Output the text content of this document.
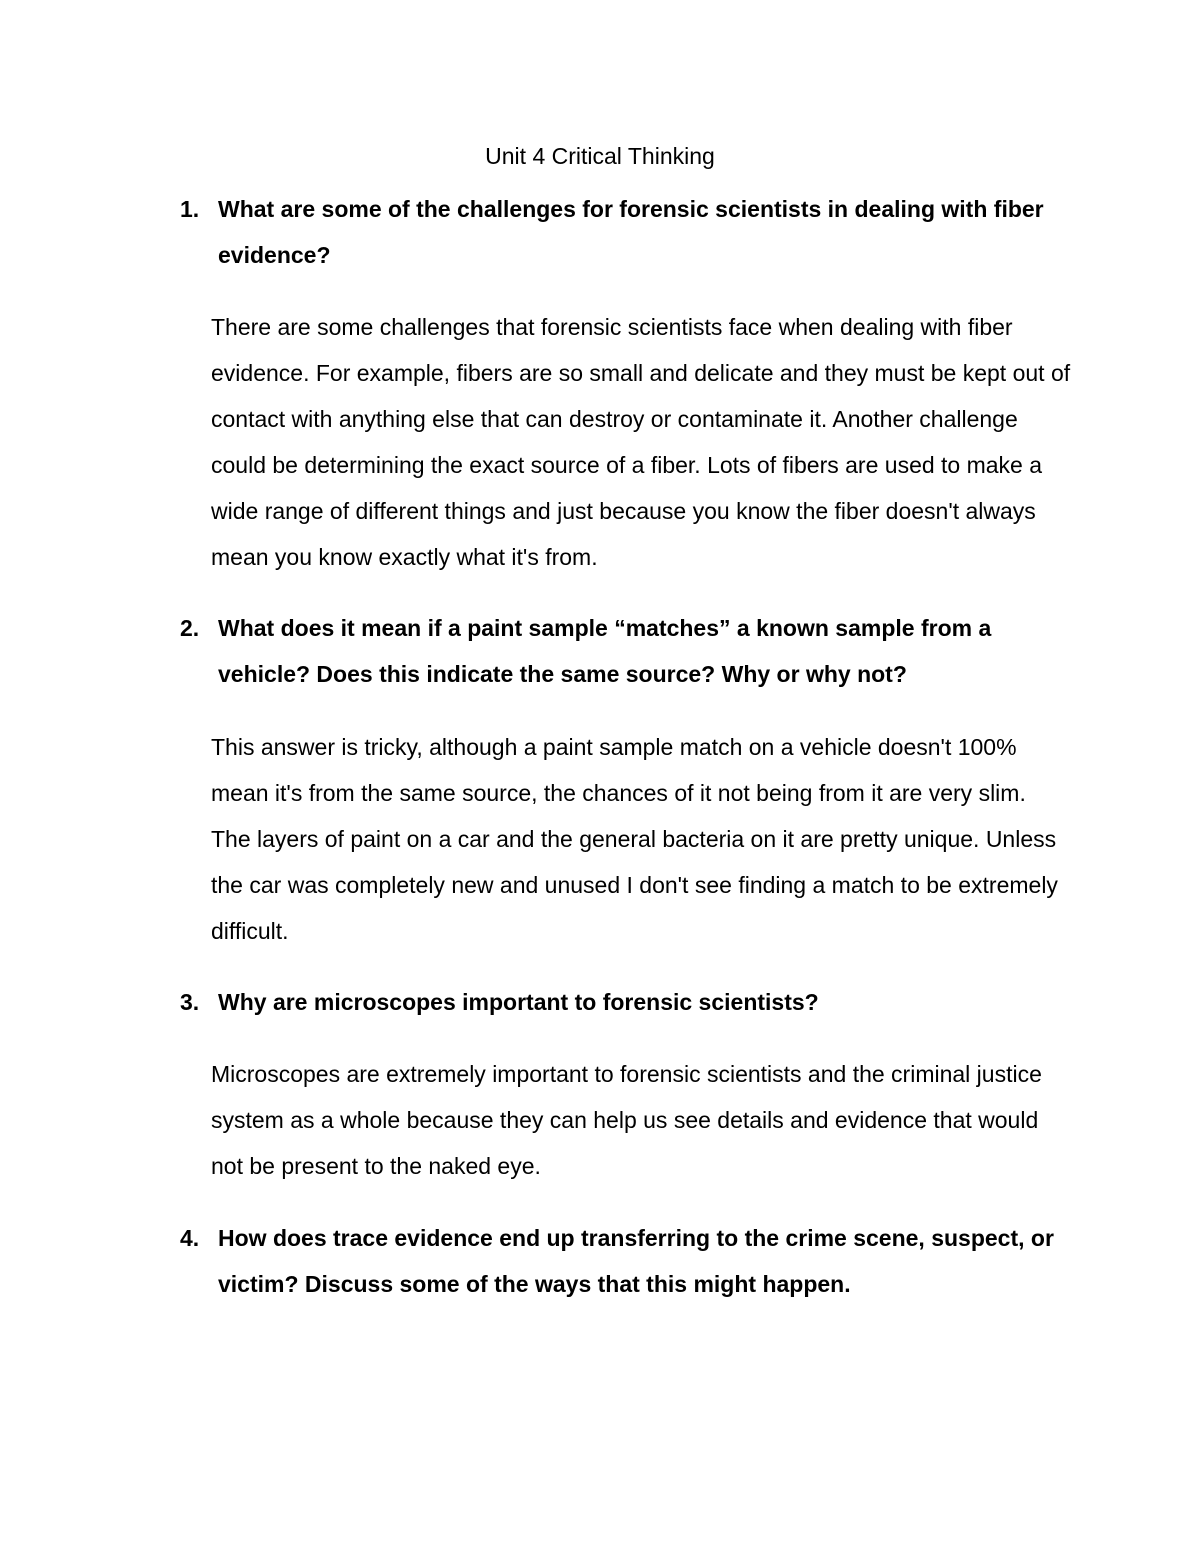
Unit 4 Critical Thinking
1. What are some of the challenges for forensic scientists in dealing with fiber evidence?

There are some challenges that forensic scientists face when dealing with fiber evidence. For example, fibers are so small and delicate and they must be kept out of contact with anything else that can destroy or contaminate it. Another challenge could be determining the exact source of a fiber. Lots of fibers are used to make a wide range of different things and just because you know the fiber doesn't always mean you know exactly what it's from.

2. What does it mean if a paint sample “matches” a known sample from a vehicle? Does this indicate the same source? Why or why not?

This answer is tricky, although a paint sample match on a vehicle doesn't 100% mean it's from the same source, the chances of it not being from it are very slim. The layers of paint on a car and the general bacteria on it are pretty unique. Unless the car was completely new and unused I don't see finding a match to be extremely difficult.

3. Why are microscopes important to forensic scientists?

Microscopes are extremely important to forensic scientists and the criminal justice system as a whole because they can help us see details and evidence that would not be present to the naked eye.

4. How does trace evidence end up transferring to the crime scene, suspect, or victim? Discuss some of the ways that this might happen.
